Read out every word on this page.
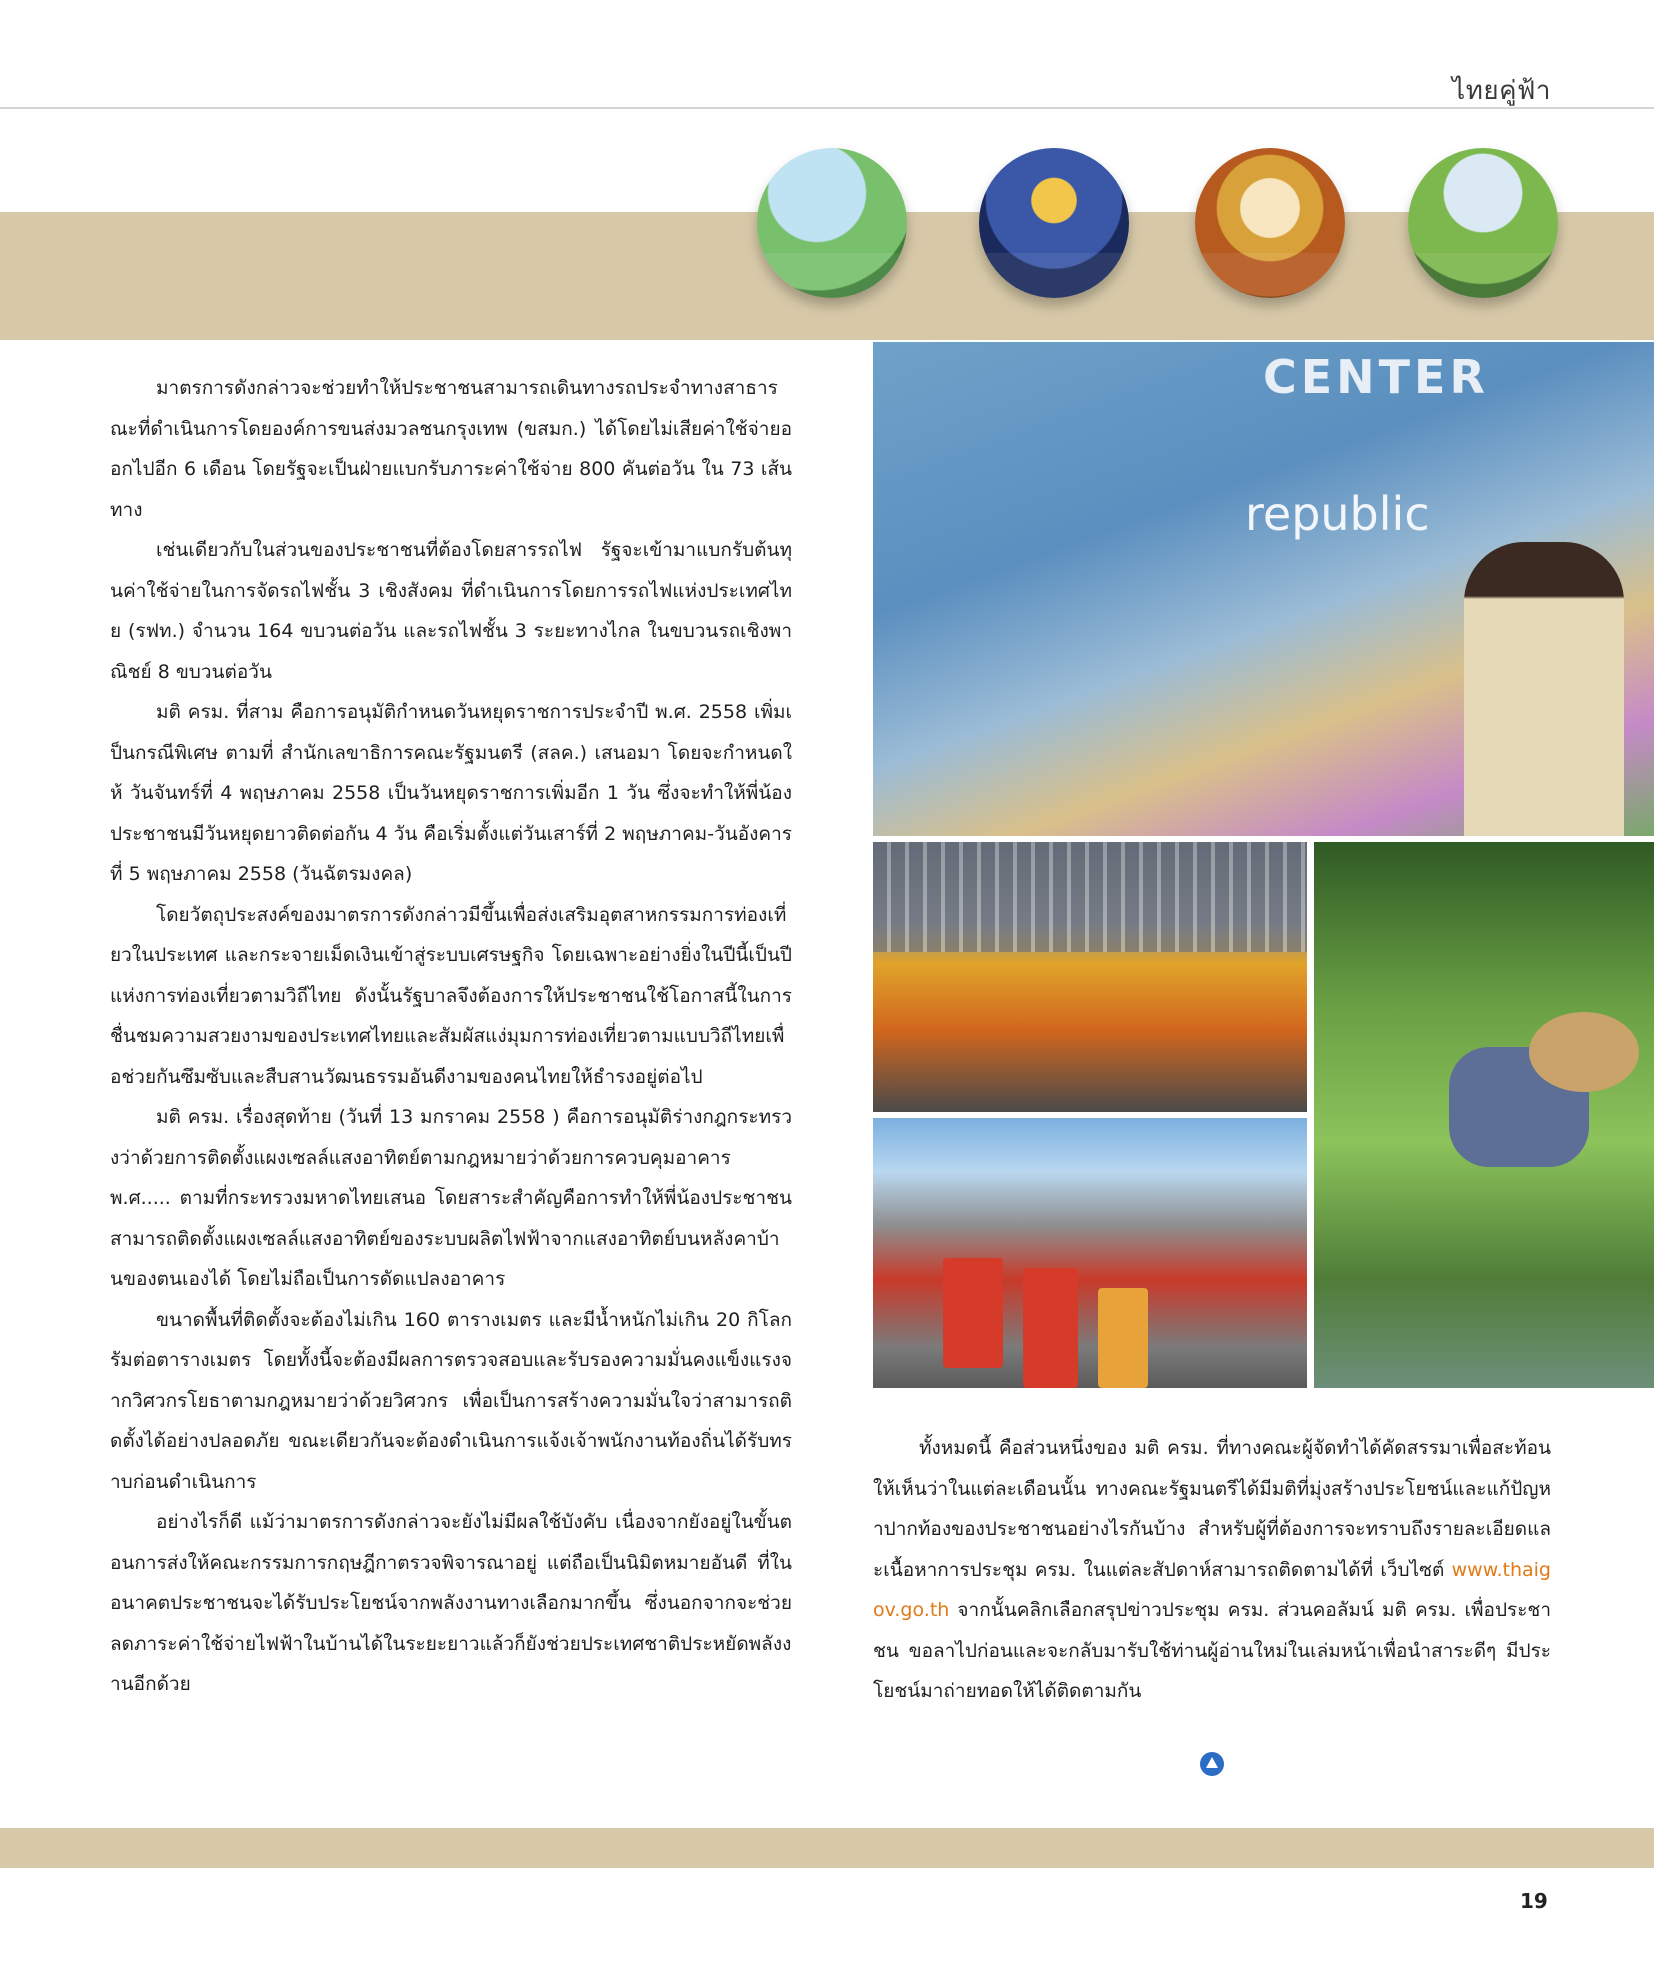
ไทยคู่ฟ้า

มาตรการดังกล่าวจะช่วยทำให้ประชาชนสามารถเดินทางรถประจำทางสาธารณะที่ดำเนินการโดยองค์การขนส่งมวลชนกรุงเทพ (ขสมก.) ได้โดยไม่เสียค่าใช้จ่ายออกไปอีก 6 เดือน โดยรัฐจะเป็นฝ่ายแบกรับภาระค่าใช้จ่าย 800 คันต่อวัน ใน 73 เส้นทาง

เช่นเดียวกับในส่วนของประชาชนที่ต้องโดยสารรถไฟ รัฐจะเข้ามาแบกรับต้นทุนค่าใช้จ่ายในการจัดรถไฟชั้น 3 เชิงสังคม ที่ดำเนินการโดยการรถไฟแห่งประเทศไทย (รฟท.) จำนวน 164 ขบวนต่อวัน และรถไฟชั้น 3 ระยะทางไกล ในขบวนรถเชิงพาณิชย์ 8 ขบวนต่อวัน

มติ ครม. ที่สาม คือการอนุมัติกำหนดวันหยุดราชการประจำปี พ.ศ. 2558 เพิ่มเป็นกรณีพิเศษ ตามที่ สำนักเลขาธิการคณะรัฐมนตรี (สลค.) เสนอมา โดยจะกำหนดให้ วันจันทร์ที่ 4 พฤษภาคม 2558 เป็นวันหยุดราชการเพิ่มอีก 1 วัน ซึ่งจะทำให้พี่น้องประชาชนมีวันหยุดยาวติดต่อกัน 4 วัน คือเริ่มตั้งแต่วันเสาร์ที่ 2 พฤษภาคม-วันอังคารที่ 5 พฤษภาคม 2558 (วันฉัตรมงคล)

โดยวัตถุประสงค์ของมาตรการดังกล่าวมีขึ้นเพื่อส่งเสริมอุตสาหกรรมการท่องเที่ยวในประเทศ และกระจายเม็ดเงินเข้าสู่ระบบเศรษฐกิจ โดยเฉพาะอย่างยิ่งในปีนี้เป็นปีแห่งการท่องเที่ยวตามวิถีไทย ดังนั้นรัฐบาลจึงต้องการให้ประชาชนใช้โอกาสนี้ในการชื่นชมความสวยงามของประเทศไทยและสัมผัสแง่มุมการท่องเที่ยวตามแบบวิถีไทยเพื่อช่วยกันซึมซับและสืบสานวัฒนธรรมอันดีงามของคนไทยให้ธำรงอยู่ต่อไป

มติ ครม. เรื่องสุดท้าย (วันที่ 13 มกราคม 2558 ) คือการอนุมัติร่างกฎกระทรวงว่าด้วยการติดตั้งแผงเซลล์แสงอาทิตย์ตามกฎหมายว่าด้วยการควบคุมอาคาร พ.ศ..... ตามที่กระทรวงมหาดไทยเสนอ โดยสาระสำคัญคือการทำให้พี่น้องประชาชนสามารถติดตั้งแผงเซลล์แสงอาทิตย์ของระบบผลิตไฟฟ้าจากแสงอาทิตย์บนหลังคาบ้านของตนเองได้ โดยไม่ถือเป็นการดัดแปลงอาคาร

ขนาดพื้นที่ติดตั้งจะต้องไม่เกิน 160 ตารางเมตร และมีน้ำหนักไม่เกิน 20 กิโลกรัมต่อตารางเมตร โดยทั้งนี้จะต้องมีผลการตรวจสอบและรับรองความมั่นคงแข็งแรงจากวิศวกรโยธาตามกฎหมายว่าด้วยวิศวกร เพื่อเป็นการสร้างความมั่นใจว่าสามารถติดตั้งได้อย่างปลอดภัย ขณะเดียวกันจะต้องดำเนินการแจ้งเจ้าพนักงานท้องถิ่นได้รับทราบก่อนดำเนินการ

อย่างไรก็ดี แม้ว่ามาตรการดังกล่าวจะยังไม่มีผลใช้บังคับ เนื่องจากยังอยู่ในขั้นตอนการส่งให้คณะกรรมการกฤษฎีกาตรวจพิจารณาอยู่ แต่ถือเป็นนิมิตหมายอันดี ที่ในอนาคตประชาชนจะได้รับประโยชน์จากพลังงานทางเลือกมากขึ้น ซึ่งนอกจากจะช่วยลดภาระค่าใช้จ่ายไฟฟ้าในบ้านได้ในระยะยาวแล้วก็ยังช่วยประเทศชาติประหยัดพลังงานอีกด้วย

CENTER
republic

ทั้งหมดนี้ คือส่วนหนึ่งของ มติ ครม. ที่ทางคณะผู้จัดทำได้คัดสรรมาเพื่อสะท้อนให้เห็นว่าในแต่ละเดือนนั้น ทางคณะรัฐมนตรีได้มีมติที่มุ่งสร้างประโยชน์และแก้ปัญหาปากท้องของประชาชนอย่างไรกันบ้าง สำหรับผู้ที่ต้องการจะทราบถึงรายละเอียดและเนื้อหาการประชุม ครม. ในแต่ละสัปดาห์สามารถติดตามได้ที่ เว็บไซต์ www.thaigov.go.th จากนั้นคลิกเลือกสรุปข่าวประชุม ครม. ส่วนคอลัมน์ มติ ครม. เพื่อประชาชน ขอลาไปก่อนและจะกลับมารับใช้ท่านผู้อ่านใหม่ในเล่มหน้าเพื่อนำสาระดีๆ มีประโยชน์มาถ่ายทอดให้ได้ติดตามกัน

19
